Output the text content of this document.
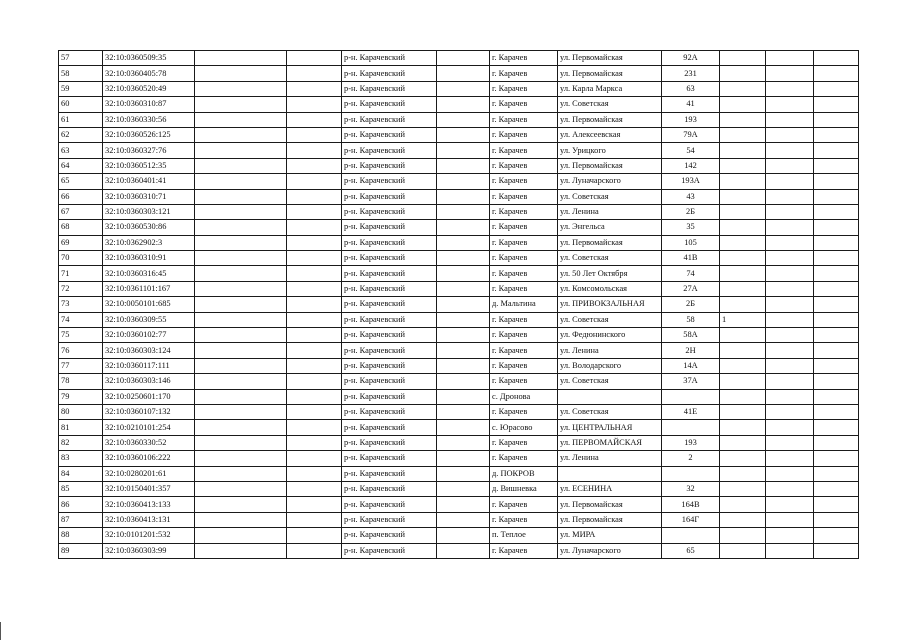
57	32:10:0360509:35			р-н. Карачевский		г. Карачев	ул. Первомайская	92А			
58	32:10:0360405:78			р-н. Карачевский		г. Карачев	ул. Первомайская	231			
59	32:10:0360520:49			р-н. Карачевский		г. Карачев	ул. Карла Маркса	63			
60	32:10:0360310:87			р-н. Карачевский		г. Карачев	ул. Советская	41			
61	32:10:0360330:56			р-н. Карачевский		г. Карачев	ул. Первомайская	193			
62	32:10:0360526:125			р-н. Карачевский		г. Карачев	ул. Алексеевская	79А			
63	32:10:0360327:76			р-н. Карачевский		г. Карачев	ул. Урицкого	54			
64	32:10:0360512:35			р-н. Карачевский		г. Карачев	ул. Первомайская	142			
65	32:10:0360401:41			р-н. Карачевский		г. Карачев	ул. Луначарского	193А			
66	32:10:0360310:71			р-н. Карачевский		г. Карачев	ул. Советская	43			
67	32:10:0360303:121			р-н. Карачевский		г. Карачев	ул. Ленина	2Б			
68	32:10:0360530:86			р-н. Карачевский		г. Карачев	ул. Энгельса	35			
69	32:10:0362902:3			р-н. Карачевский		г. Карачев	ул. Первомайская	105			
70	32:10:0360310:91			р-н. Карачевский		г. Карачев	ул. Советская	41В			
71	32:10:0360316:45			р-н. Карачевский		г. Карачев	ул. 50 Лет Октября	74			
72	32:10:0361101:167			р-н. Карачевский		г. Карачев	ул. Комсомольская	27А			
73	32:10:0050101:685			р-н. Карачевский		д. Мальтина	ул. ПРИВОКЗАЛЬНАЯ	2Б			
74	32:10:0360309:55			р-н. Карачевский		г. Карачев	ул. Советская	58	1		
75	32:10:0360102:77			р-н. Карачевский		г. Карачев	ул. Федюнинского	58А			
76	32:10:0360303:124			р-н. Карачевский		г. Карачев	ул. Ленина	2Н			
77	32:10:0360117:111			р-н. Карачевский		г. Карачев	ул. Володарского	14А			
78	32:10:0360303:146			р-н. Карачевский		г. Карачев	ул. Советская	37А			
79	32:10:0250601:170			р-н. Карачевский		с. Дронова					
80	32:10:0360107:132			р-н. Карачевский		г. Карачев	ул. Советская	41Е			
81	32:10:0210101:254			р-н. Карачевский		с. Юрасово	ул. ЦЕНТРАЛЬНАЯ				
82	32:10:0360330:52			р-н. Карачевский		г. Карачев	ул. ПЕРВОМАЙСКАЯ	193			
83	32:10:0360106:222			р-н. Карачевский		г. Карачев	ул. Ленина	2			
84	32:10:0280201:61			р-н. Карачевский		д. ПОКРОВ					
85	32:10:0150401:357			р-н. Карачевский		д. Вишневка	ул. ЕСЕНИНА	32			
86	32:10:0360413:133			р-н. Карачевский		г. Карачев	ул. Первомайская	164В			
87	32:10:0360413:131			р-н. Карачевский		г. Карачев	ул. Первомайская	164Г			
88	32:10:0101201:532			р-н. Карачевский		п. Теплое	ул. МИРА				
89	32:10:0360303:99			р-н. Карачевский		г. Карачев	ул. Луначарского	65			
